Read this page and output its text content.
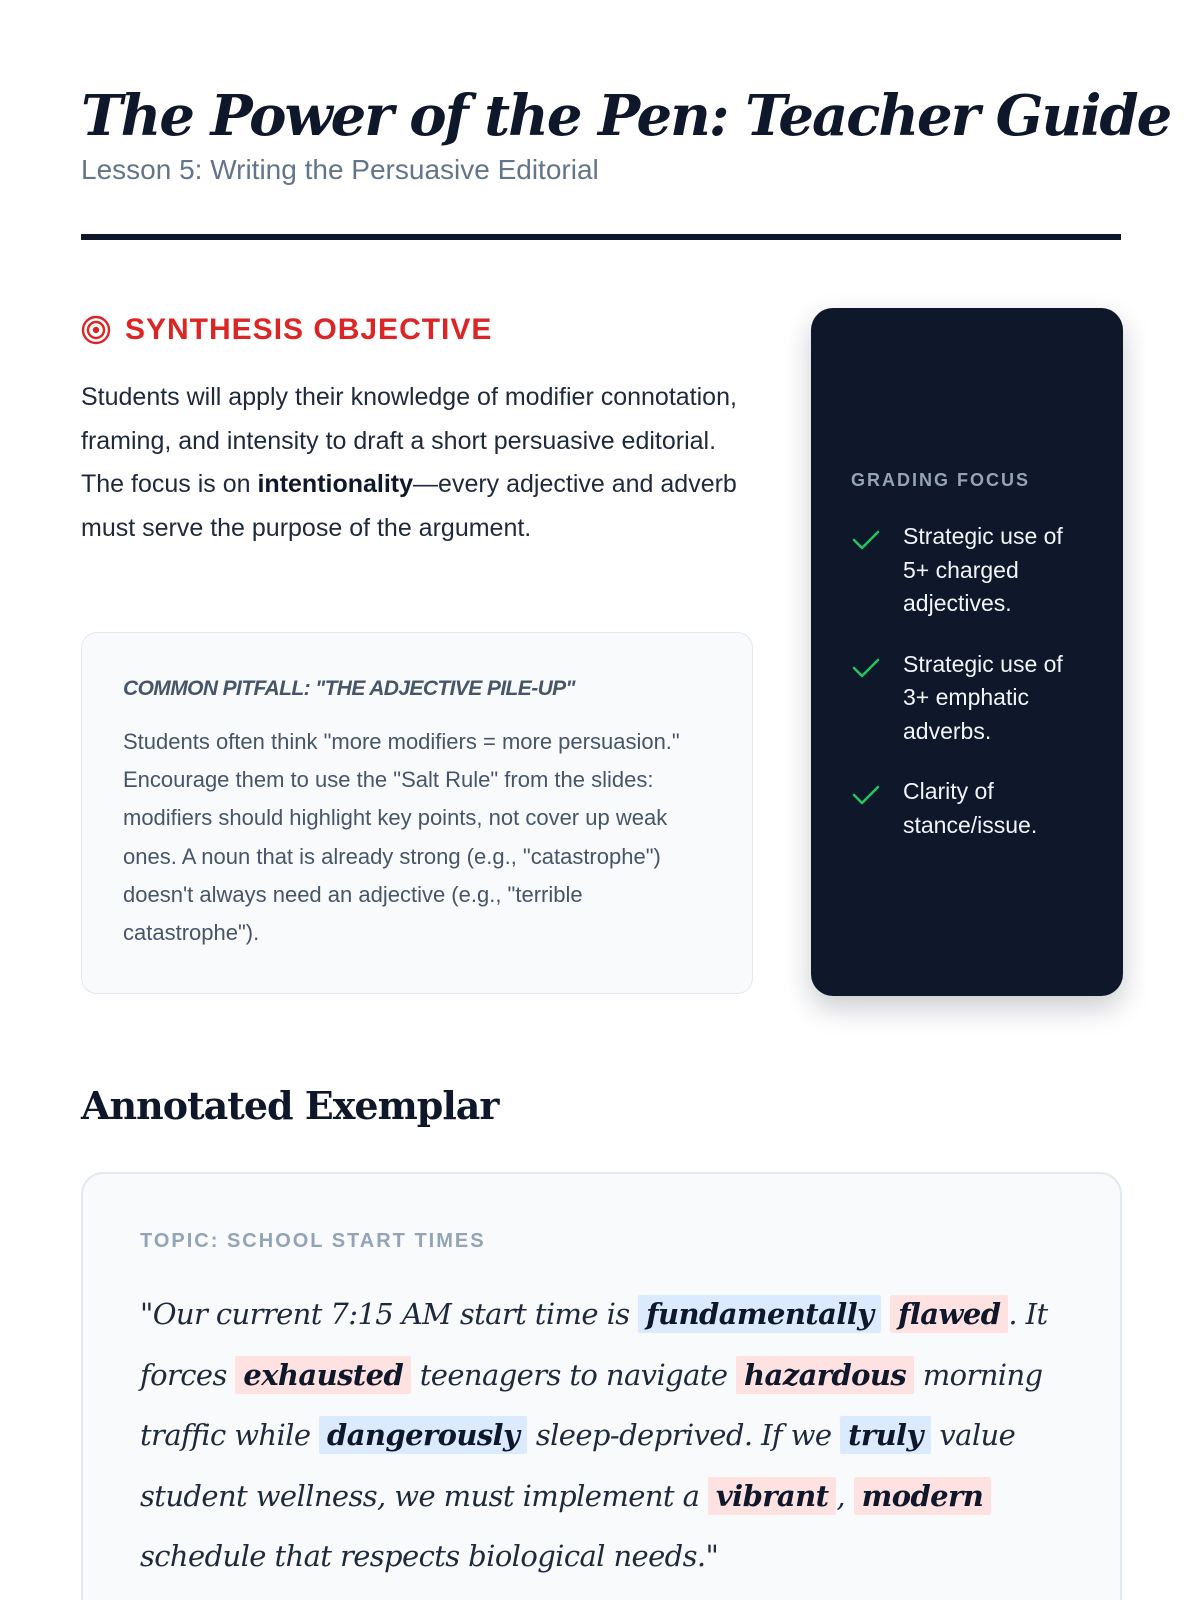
The Power of the Pen: Teacher Guide
Lesson 5: Writing the Persuasive Editorial
SYNTHESIS OBJECTIVE

Students will apply their knowledge of modifier connotation, framing, and intensity to draft a short persuasive editorial. The focus is on intentionality—every adjective and adverb must serve the purpose of the argument.

COMMON PITFALL: "THE ADJECTIVE PILE-UP"

Students often think "more modifiers = more persuasion." Encourage them to use the "Salt Rule" from the slides: modifiers should highlight key points, not cover up weak ones. A noun that is already strong (e.g., "catastrophe") doesn't always need an adjective (e.g., "terrible catastrophe").

GRADING FOCUS
Strategic use of 5+ charged adjectives.
Strategic use of 3+ emphatic adverbs.
Clarity of stance/issue.
Annotated Exemplar
TOPIC: SCHOOL START TIMES

"Our current 7:15 AM start time is fundamentally flawed . It forces exhausted teenagers to navigate hazardous morning traffic while dangerously sleep-deprived. If we truly value student wellness, we must implement a vibrant , modern schedule that respects biological needs."
